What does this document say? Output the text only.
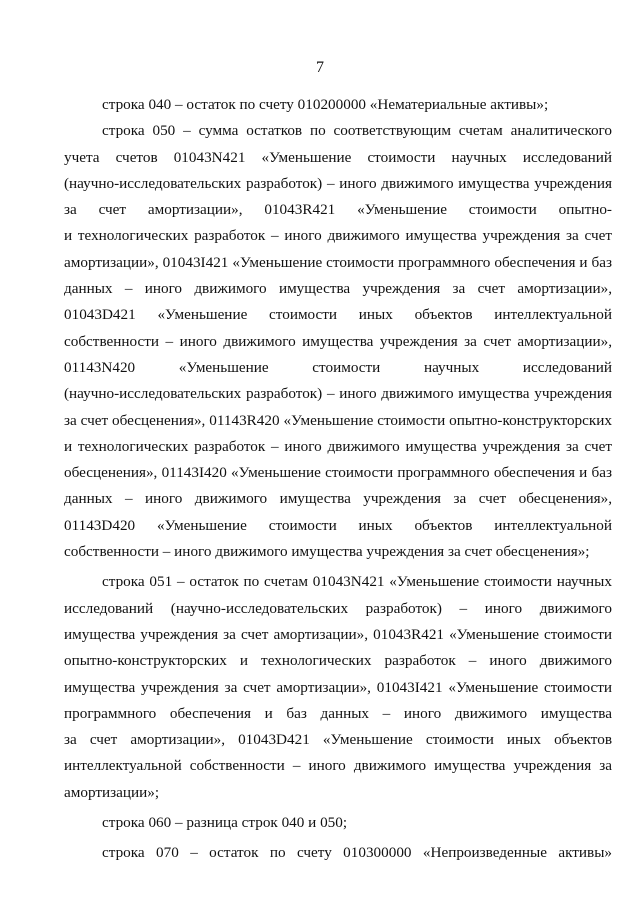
7

строка 040 – остаток по счету 010200000 «Нематериальные активы»;

строка 050 – сумма остатков по соответствующим счетам аналитического
учета счетов 01043N421 «Уменьшение стоимости научных исследований
(научно-исследовательских разработок) – иного движимого имущества учреждения
за счет амортизации», 01043R421 «Уменьшение стоимости опытно-
и технологических разработок – иного движимого имущества учреждения за счет
амортизации», 01043I421 «Уменьшение стоимости программного обеспечения и баз
данных – иного движимого имущества учреждения за счет амортизации»,
01043D421 «Уменьшение стоимости иных объектов интеллектуальной
собственности – иного движимого имущества учреждения за счет амортизации»,
01143N420 «Уменьшение стоимости научных исследований
(научно-исследовательских разработок) – иного движимого имущества учреждения
за счет обесценения», 01143R420 «Уменьшение стоимости опытно-конструкторских
и технологических разработок – иного движимого имущества учреждения за счет
обесценения», 01143I420 «Уменьшение стоимости программного обеспечения и баз
данных – иного движимого имущества учреждения за счет обесценения»,
01143D420 «Уменьшение стоимости иных объектов интеллектуальной
собственности – иного движимого имущества учреждения за счет обесценения»;

строка 051 – остаток по счетам 01043N421 «Уменьшение стоимости научных
исследований (научно-исследовательских разработок) – иного движимого
имущества учреждения за счет амортизации», 01043R421 «Уменьшение стоимости
опытно-конструкторских и технологических разработок – иного движимого
имущества учреждения за счет амортизации», 01043I421 «Уменьшение стоимости
программного обеспечения и баз данных – иного движимого имущества
за счет амортизации», 01043D421 «Уменьшение стоимости иных объектов
интеллектуальной собственности – иного движимого имущества учреждения за
амортизации»;

строка 060 – разница строк 040 и 050;

строка 070 – остаток по счету 010300000 «Непроизведенные активы»
